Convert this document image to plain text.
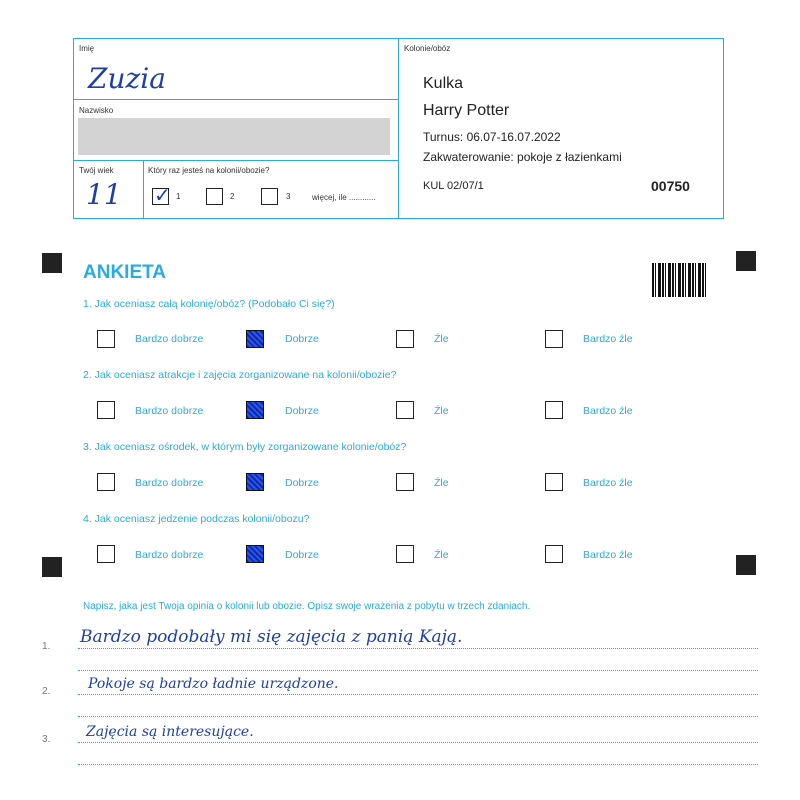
Imię
Zuzia
Nazwisko
Twój wiek
11
Który raz jesteś na kolonii/obozie?
✓ 1	2	3	więcej, ile ............
Kolonie/obóz
Kulka
Harry Potter
Turnus: 06.07-16.07.2022
Zakwaterowanie: pokoje z łazienkami
KUL 02/07/1	00750
ANKIETA
1. Jak oceniasz całą kolonię/obóz? (Podobało Ci się?)
Bardzo dobrze	Dobrze	Źle	Bardzo źle
2. Jak oceniasz atrakcje i zajęcia zorganizowane na kolonii/obozie?
Bardzo dobrze	Dobrze	Źle	Bardzo źle
3. Jak oceniasz ośrodek, w którym były zorganizowane kolonie/obóz?
Bardzo dobrze	Dobrze	Źle	Bardzo źle
4. Jak oceniasz jedzenie podczas kolonii/obozu?
Bardzo dobrze	Dobrze	Źle	Bardzo źle
Napisz, jaka jest Twoja opinia o kolonii lub obozie. Opisz swoje wrażenia z pobytu w trzech zdaniach.
1. Bardzo podobały mi się zajęcia z panią Kają.
2.	Pokoje są bardzo ładnie urządzone.
3.	Zajęcia są interesujące.
